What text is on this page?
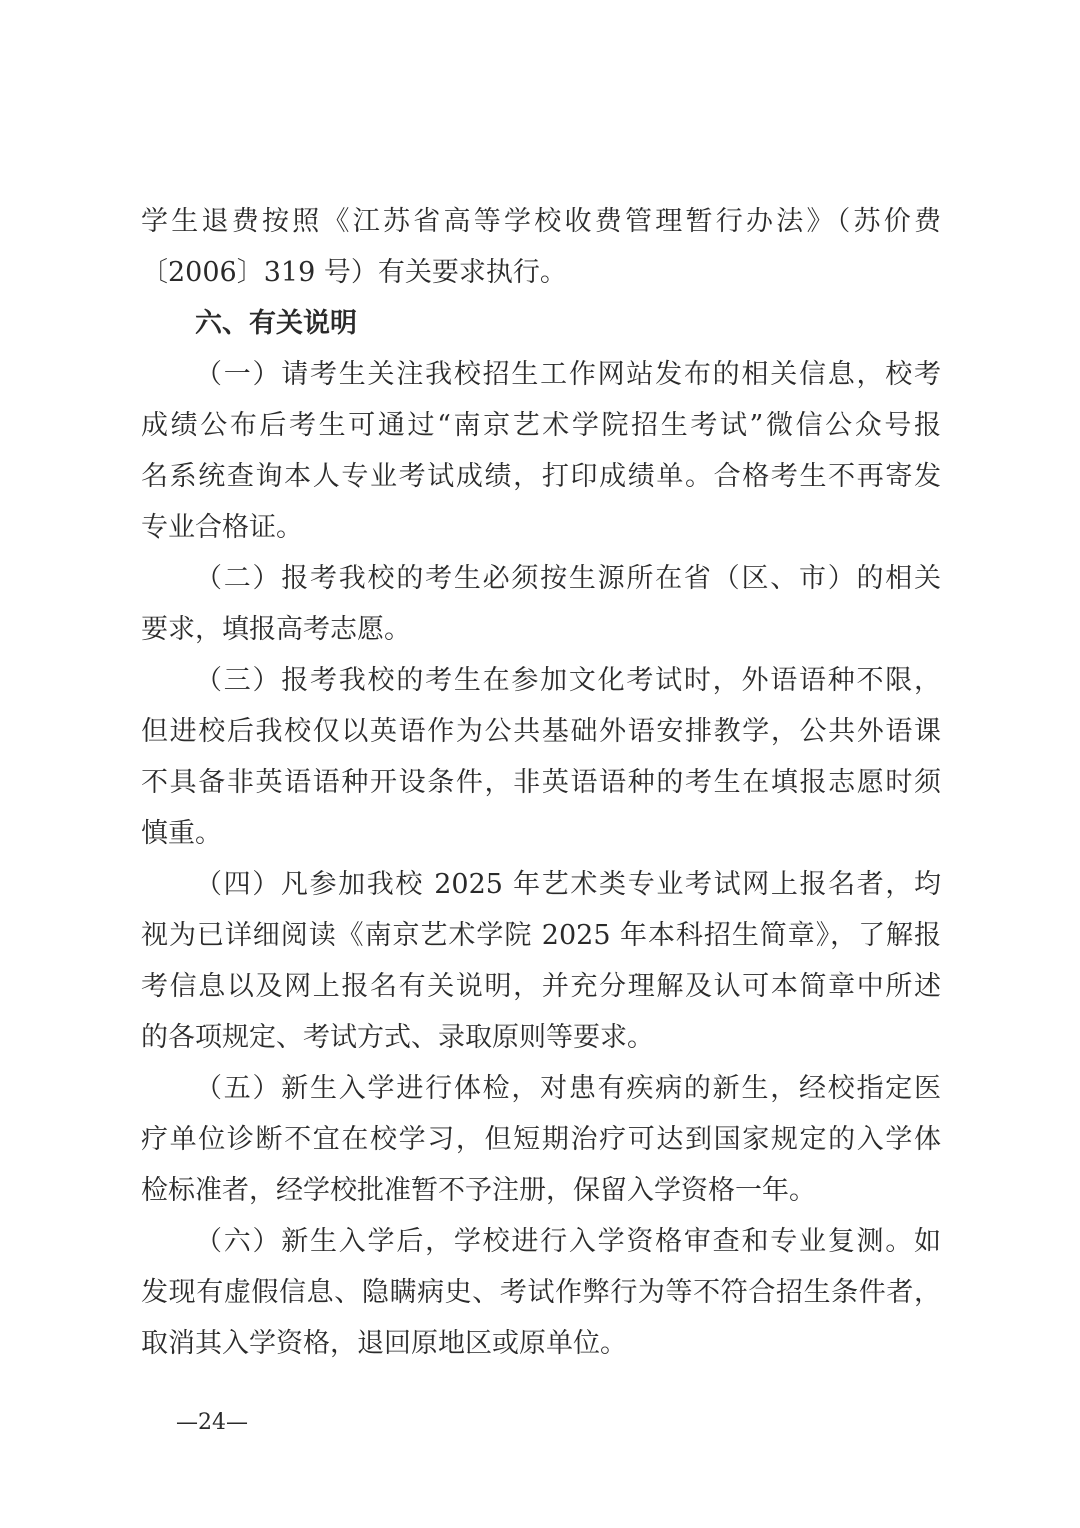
学生退费按照《江苏省高等学校收费管理暂行办法》（苏价费
〔2006〕319 号）有关要求执行。
六、有关说明
（一）请考生关注我校招生工作网站发布的相关信息，校考
成绩公布后考生可通过“南京艺术学院招生考试”微信公众号报
名系统查询本人专业考试成绩，打印成绩单。合格考生不再寄发
专业合格证。
（二）报考我校的考生必须按生源所在省（区、市）的相关
要求，填报高考志愿。
（三）报考我校的考生在参加文化考试时，外语语种不限，
但进校后我校仅以英语作为公共基础外语安排教学，公共外语课
不具备非英语语种开设条件，非英语语种的考生在填报志愿时须
慎重。
（四）凡参加我校 2025 年艺术类专业考试网上报名者，均
视为已详细阅读《南京艺术学院 2025 年本科招生简章》，了解报
考信息以及网上报名有关说明，并充分理解及认可本简章中所述
的各项规定、考试方式、录取原则等要求。
（五）新生入学进行体检，对患有疾病的新生，经校指定医
疗单位诊断不宜在校学习，但短期治疗可达到国家规定的入学体
检标准者，经学校批准暂不予注册，保留入学资格一年。
（六）新生入学后，学校进行入学资格审查和专业复测。如
发现有虚假信息、隐瞒病史、考试作弊行为等不符合招生条件者，
取消其入学资格，退回原地区或原单位。
—24—
